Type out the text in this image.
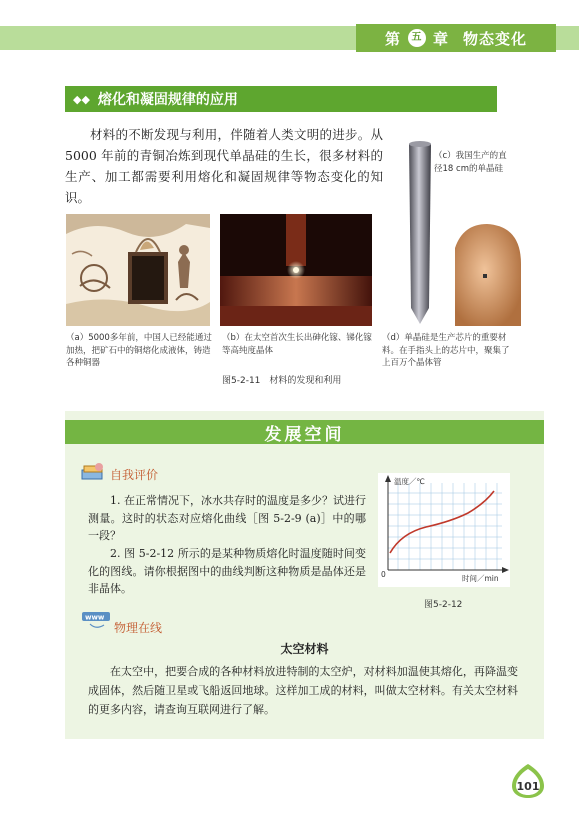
第	五 章 物态变化
◆◆ 熔化和凝固规律的应用
材料的不断发现与利用，伴随着人类文明的进步。从 5000 年前的青铜冶炼到现代单晶硅的生长，很多材料的生产、加工都需要利用熔化和凝固规律等物态变化的知识。
（c）我国生产的直径18 cm的单晶硅
（a）5000多年前，中国人已经能通过加热，把矿石中的铜熔化成液体，铸造各种铜器
（b）在太空首次生长出砷化镓、锑化镓等高纯度晶体
（d）单晶硅是生产芯片的重要材料。在手指头上的芯片中，聚集了上百万个晶体管
图5-2-11　材料的发现和利用
发展空间
自我评价
1. 在正常情况下，冰水共存时的温度是多少？试进行测量。这时的状态对应熔化曲线［图 5-2-9 (a)］中的哪一段？
2. 图 5-2-12 所示的是某种物质熔化时温度随时间变化的图线。请你根据图中的曲线判断这种物质是晶体还是非晶体。
温度／℃
时间／min
0
图5-2-12
www
物理在线
太空材料
在太空中，把要合成的各种材料放进特制的太空炉，对材料加温使其熔化，再降温变成固体，然后随卫星或飞船返回地球。这样加工成的材料，叫做太空材料。有关太空材料的更多内容，请查询互联网进行了解。
101
